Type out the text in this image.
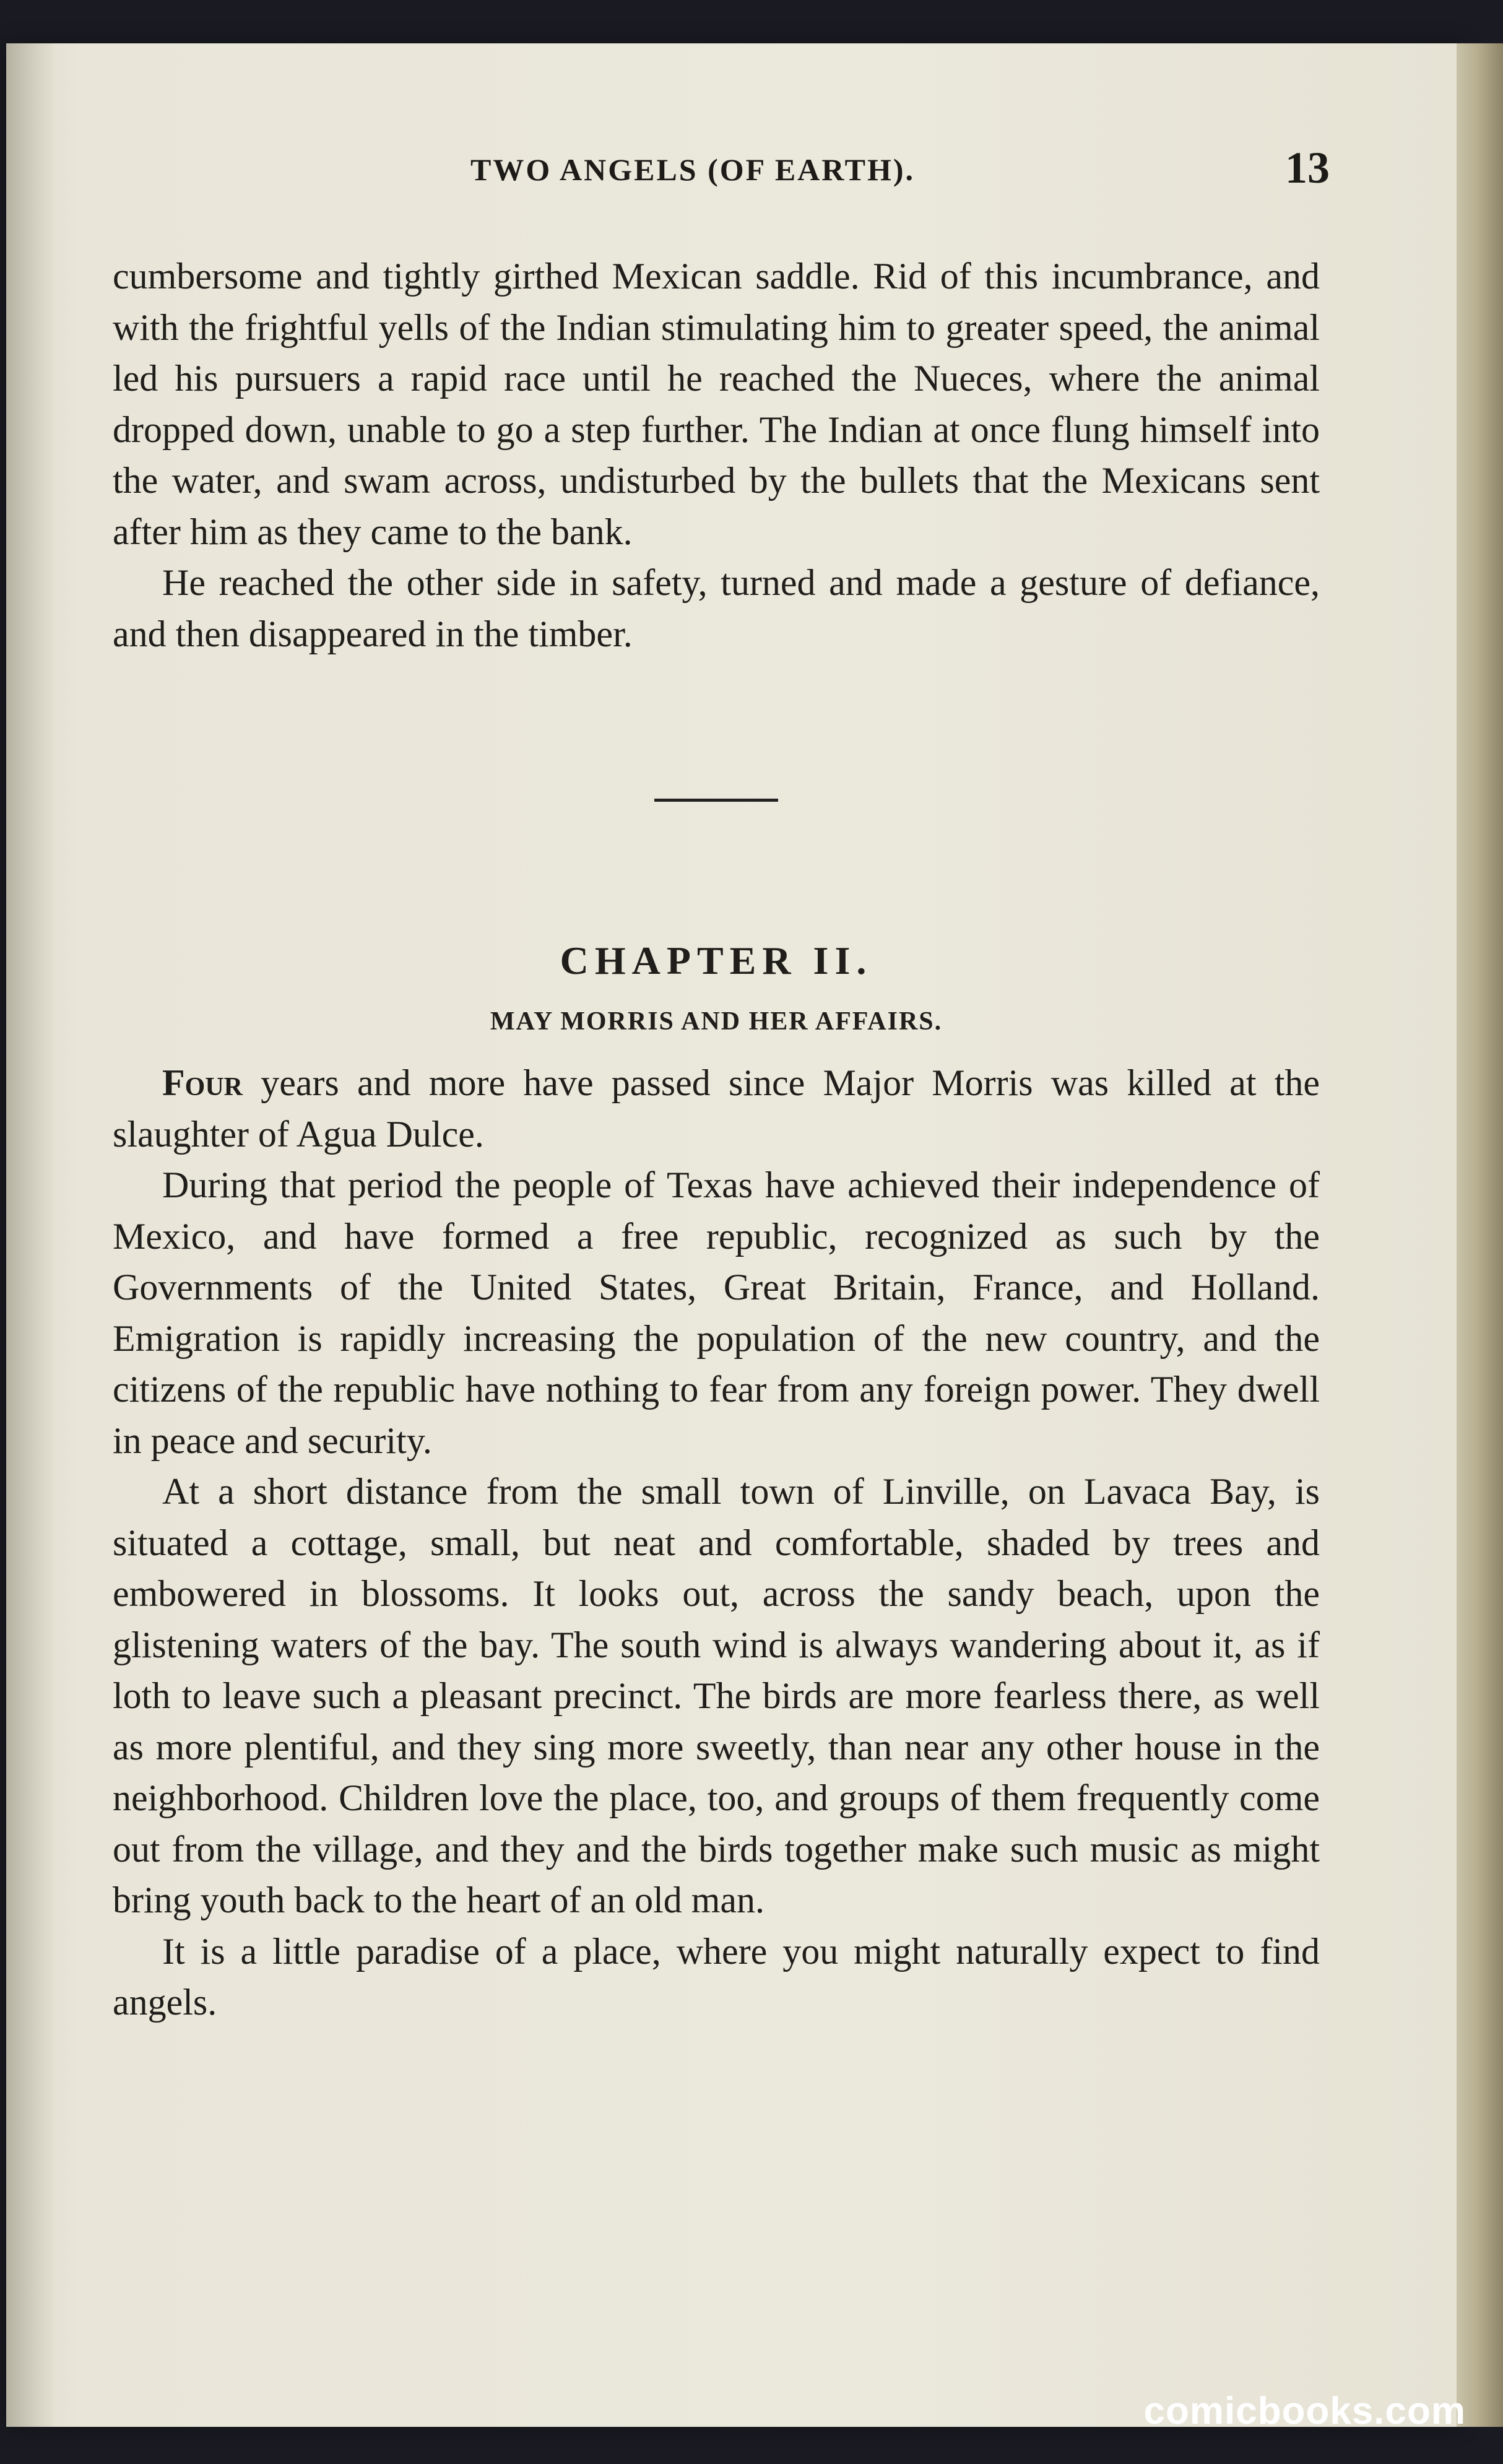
TWO ANGELS (OF EARTH).	13

cumbersome and tightly girthed Mexican saddle. Rid of this incumbrance, and with the frightful yells of the Indian stimulating him to greater speed, the animal led his pursuers a rapid race until he reached the Nueces, where the animal dropped down, unable to go a step further. The Indian at once flung himself into the water, and swam across, undisturbed by the bullets that the Mexicans sent after him as they came to the bank.

He reached the other side in safety, turned and made a gesture of defiance, and then disappeared in the timber.

CHAPTER II.
MAY MORRIS AND HER AFFAIRS.

Four years and more have passed since Major Morris was killed at the slaughter of Agua Dulce.

During that period the people of Texas have achieved their independence of Mexico, and have formed a free republic, recognized as such by the Governments of the United States, Great Britain, France, and Holland. Emigration is rapidly increasing the population of the new country, and the citizens of the republic have nothing to fear from any foreign power. They dwell in peace and security.

At a short distance from the small town of Linville, on Lavaca Bay, is situated a cottage, small, but neat and comfortable, shaded by trees and embowered in blossoms. It looks out, across the sandy beach, upon the glistening waters of the bay. The south wind is always wandering about it, as if loth to leave such a pleasant precinct. The birds are more fearless there, as well as more plentiful, and they sing more sweetly, than near any other house in the neighborhood. Children love the place, too, and groups of them frequently come out from the village, and they and the birds together make such music as might bring youth back to the heart of an old man.

It is a little paradise of a place, where you might naturally expect to find angels.

comicbooks.com
